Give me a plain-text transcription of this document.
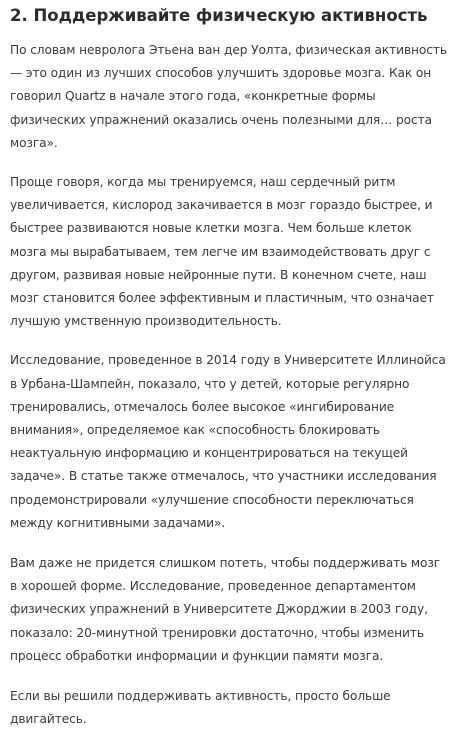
2. Поддерживайте физическую активность

По словам невролога Этьена ван дер Уолта, физическая активность — это один из лучших способов улучшить здоровье мозга. Как он говорил Quartz в начале этого года, «конкретные формы физических упражнений оказались очень полезными для… роста мозга».

Проще говоря, когда мы тренируемся, наш сердечный ритм увеличивается, кислород закачивается в мозг гораздо быстрее, и быстрее развиваются новые клетки мозга. Чем больше клеток мозга мы вырабатываем, тем легче им взаимодействовать друг с другом, развивая новые нейронные пути. В конечном счете, наш мозг становится более эффективным и пластичным, что означает лучшую умственную производительность.

Исследование, проведенное в 2014 году в Университете Иллинойса в Урбана-Шампейн, показало, что у детей, которые регулярно тренировались, отмечалось более высокое «ингибирование внимания», определяемое как «способность блокировать неактуальную информацию и концентрироваться на текущей задаче». В статье также отмечалось, что участники исследования продемонстрировали «улучшение способности переключаться между когнитивными задачами».

Вам даже не придется слишком потеть, чтобы поддерживать мозг в хорошей форме. Исследование, проведенное департаментом физических упражнений в Университете Джорджии в 2003 году, показало: 20-минутной тренировки достаточно, чтобы изменить процесс обработки информации и функции памяти мозга.

Если вы решили поддерживать активность, просто больше двигайтесь.
